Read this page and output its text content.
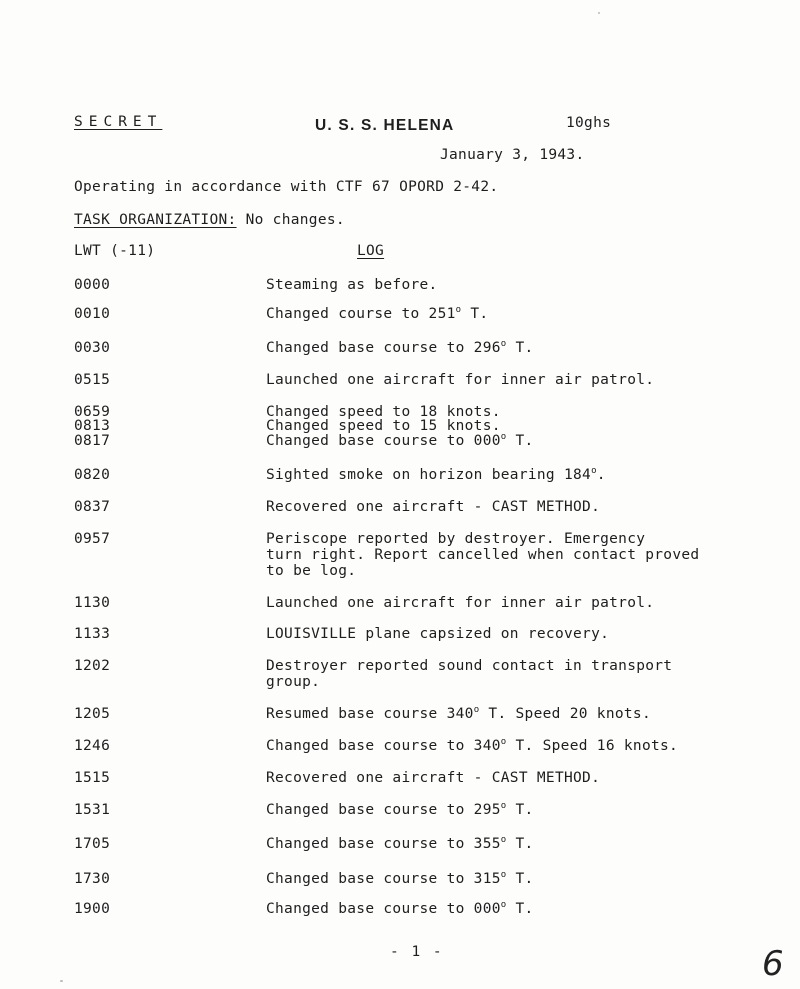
SECRET	U. S. S. HELENA	10ghs
January 3, 1943.
Operating in accordance with CTF 67 OPORD 2-42.
TASK ORGANIZATION: No changes.
LWT (-11)	LOG
0000	Steaming as before.
0010	Changed course to 251$^o$ T.
0030	Changed base course to 296$^o$ T.
0515	Launched one aircraft for inner air patrol.
0659	Changed speed to 18 knots.
0813	Changed speed to 15 knots.
0817	Changed base course to 000$^o$ T.
0820	Sighted smoke on horizon bearing 184$^o$.
0837	Recovered one aircraft - CAST METHOD.
0957	Periscope reported by destroyer. Emergency
turn right. Report cancelled when contact proved
to be log.
1130	Launched one aircraft for inner air patrol.
1133	LOUISVILLE plane capsized on recovery.
1202	Destroyer reported sound contact in transport
group.
1205	Resumed base course 340$^o$ T. Speed 20 knots.
1246	Changed base course to 340$^o$ T. Speed 16 knots.
1515	Recovered one aircraft - CAST METHOD.
1531	Changed base course to 295$^o$ T.
1705	Changed base course to 355$^o$ T.
1730	Changed base course to 315$^o$ T.
1900	Changed base course to 000$^o$ T.
- 1 -	6
